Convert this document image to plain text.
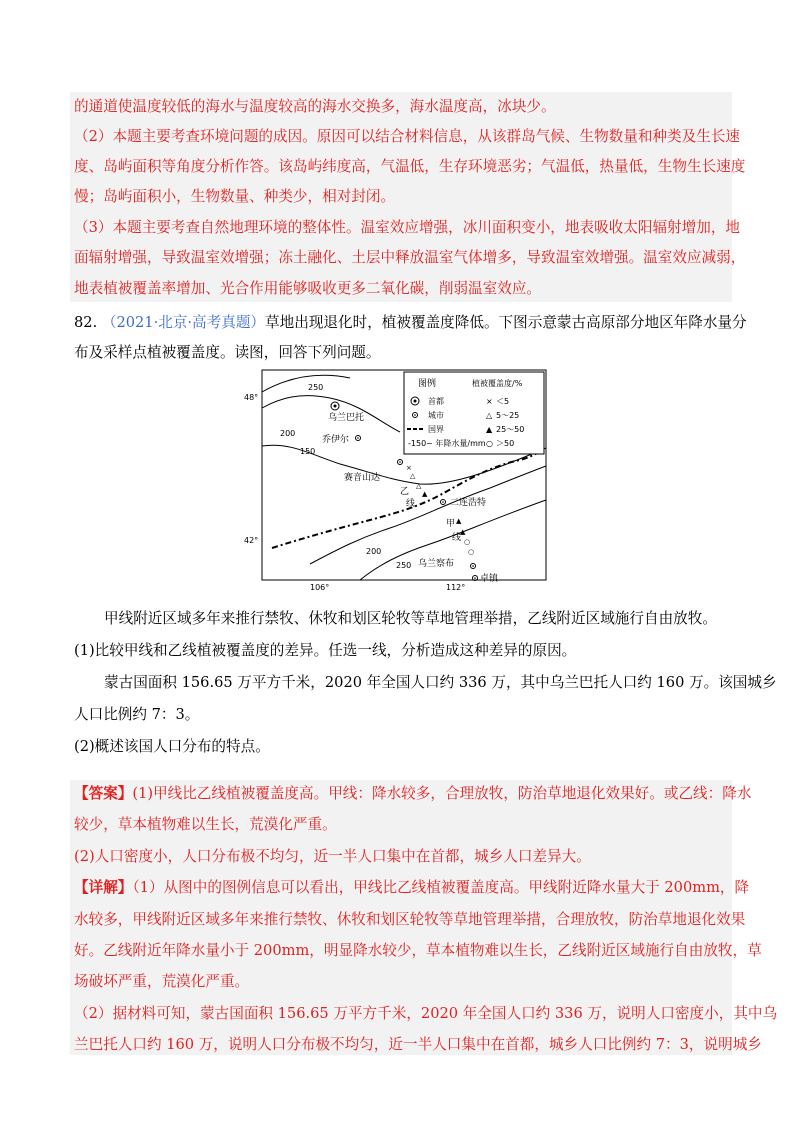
的通道使温度较低的海水与温度较高的海水交换多，海水温度高，冰块少。
（2）本题主要考查环境问题的成因。原因可以结合材料信息，从该群岛气候、生物数量和种类及生长速
度、岛屿面积等角度分析作答。该岛屿纬度高，气温低，生存环境恶劣；气温低，热量低，生物生长速度
慢；岛屿面积小，生物数量、种类少，相对封闭。
（3）本题主要考查自然地理环境的整体性。温室效应增强，冰川面积变小，地表吸收太阳辐射增加，地
面辐射增强，导致温室效增强；冻土融化、土层中释放温室气体增多，导致温室效增强。温室效应减弱，
地表植被覆盖率增加、光合作用能够吸收更多二氧化碳，削弱温室效应。
82. （2021·北京·高考真题）草地出现退化时，植被覆盖度降低。下图示意蒙古高原部分地区年降水量分
布及采样点植被覆盖度。读图，回答下列问题。
图例	植被覆盖度/%
首都
城市
国界
-150~ 年降水量/mm
× ＜5
△ 5～25
▲ 25～50
○ ＞50
48°
42°
106°	112°
250
200
150
200
250
乌兰巴托
乔伊尔
赛音山达
二连浩特
乌兰察布
卓镇
×
△
△
▲
▲
▲
○
○
乙
线
甲
线
甲线附近区域多年来推行禁牧、休牧和划区轮牧等草地管理举措，乙线附近区域施行自由放牧。
(1)比较甲线和乙线植被覆盖度的差异。任选一线，分析造成这种差异的原因。
蒙古国面积 156.65 万平方千米，2020 年全国人口约 336 万，其中乌兰巴托人口约 160 万。该国城乡
人口比例约 7：3。
(2)概述该国人口分布的特点。
【答案】(1)甲线比乙线植被覆盖度高。甲线：降水较多，合理放牧，防治草地退化效果好。或乙线：降水
较少，草本植物难以生长，荒漠化严重。
(2)人口密度小，人口分布极不均匀，近一半人口集中在首都，城乡人口差异大。
【详解】（1）从图中的图例信息可以看出，甲线比乙线植被覆盖度高。甲线附近降水量大于 200mm，降
水较多，甲线附近区域多年来推行禁牧、休牧和划区轮牧等草地管理举措，合理放牧，防治草地退化效果
好。乙线附近年降水量小于 200mm，明显降水较少，草本植物难以生长，乙线附近区域施行自由放牧，草
场破坏严重，荒漠化严重。
（2）据材料可知，蒙古国面积 156.65 万平方千米，2020 年全国人口约 336 万，说明人口密度小，其中乌
兰巴托人口约 160 万，说明人口分布极不均匀，近一半人口集中在首都，城乡人口比例约 7：3，说明城乡
